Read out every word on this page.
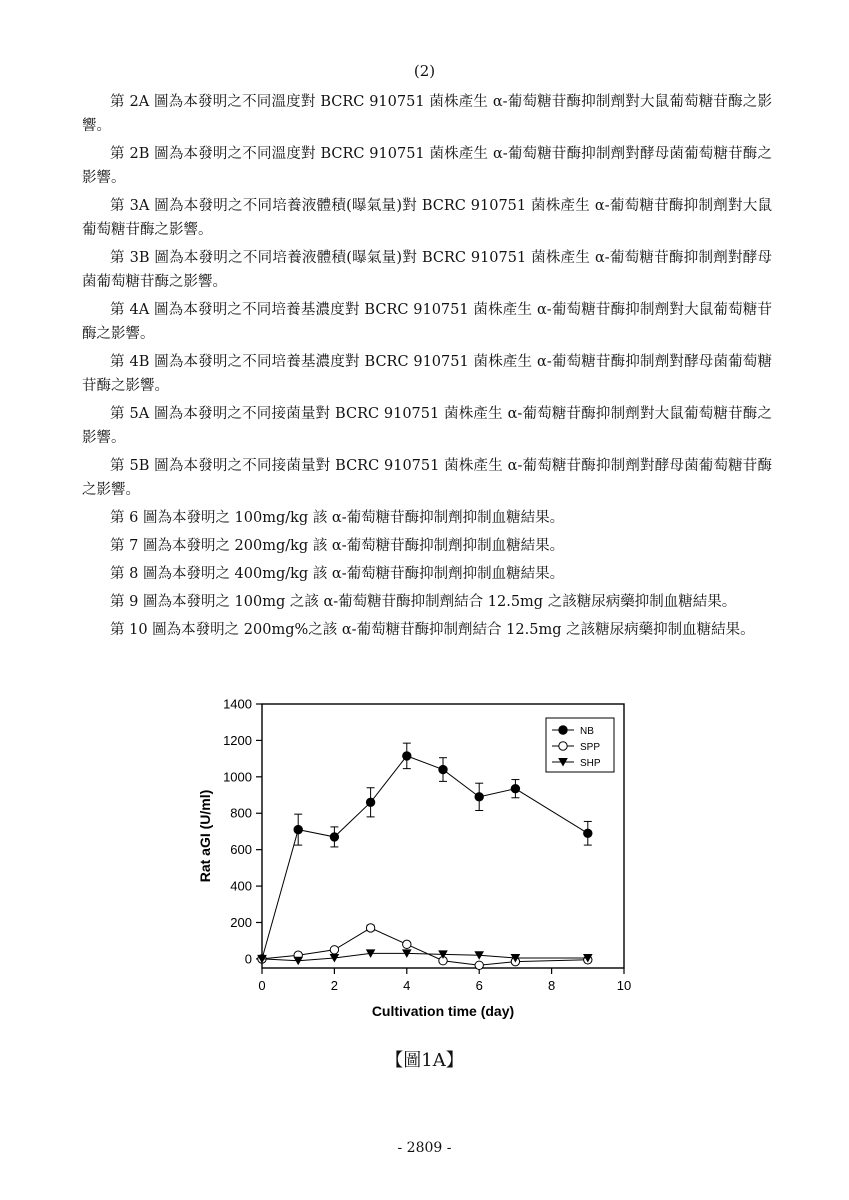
(2)

第 2A 圖為本發明之不同溫度對 BCRC 910751 菌株產生 α-葡萄糖苷酶抑制劑對大鼠葡萄糖苷酶之影響。

第 2B 圖為本發明之不同溫度對 BCRC 910751 菌株產生 α-葡萄糖苷酶抑制劑對酵母菌葡萄糖苷酶之影響。

第 3A 圖為本發明之不同培養液體積(曝氣量)對 BCRC 910751 菌株產生 α-葡萄糖苷酶抑制劑對大鼠葡萄糖苷酶之影響。

第 3B 圖為本發明之不同培養液體積(曝氣量)對 BCRC 910751 菌株產生 α-葡萄糖苷酶抑制劑對酵母菌葡萄糖苷酶之影響。

第 4A 圖為本發明之不同培養基濃度對 BCRC 910751 菌株產生 α-葡萄糖苷酶抑制劑對大鼠葡萄糖苷酶之影響。

第 4B 圖為本發明之不同培養基濃度對 BCRC 910751 菌株產生 α-葡萄糖苷酶抑制劑對酵母菌葡萄糖苷酶之影響。

第 5A 圖為本發明之不同接菌量對 BCRC 910751 菌株產生 α-葡萄糖苷酶抑制劑對大鼠葡萄糖苷酶之影響。

第 5B 圖為本發明之不同接菌量對 BCRC 910751 菌株產生 α-葡萄糖苷酶抑制劑對酵母菌葡萄糖苷酶之影響。

第 6 圖為本發明之 100mg/kg 該 α-葡萄糖苷酶抑制劑抑制血糖結果。

第 7 圖為本發明之 200mg/kg 該 α-葡萄糖苷酶抑制劑抑制血糖結果。

第 8 圖為本發明之 400mg/kg 該 α-葡萄糖苷酶抑制劑抑制血糖結果。

第 9 圖為本發明之 100mg 之該 α-葡萄糖苷酶抑制劑結合 12.5mg 之該糖尿病藥抑制血糖結果。

第 10 圖為本發明之 200mg%之該 α-葡萄糖苷酶抑制劑結合 12.5mg 之該糖尿病藥抑制血糖結果。

0
200
400
600
800
1000
1200
1400
0	2	4	6	8	10
Cultivation time (day)
Rat aGI (U/ml)
NB
SPP
SHP
【圖1A】
- 2809 -
